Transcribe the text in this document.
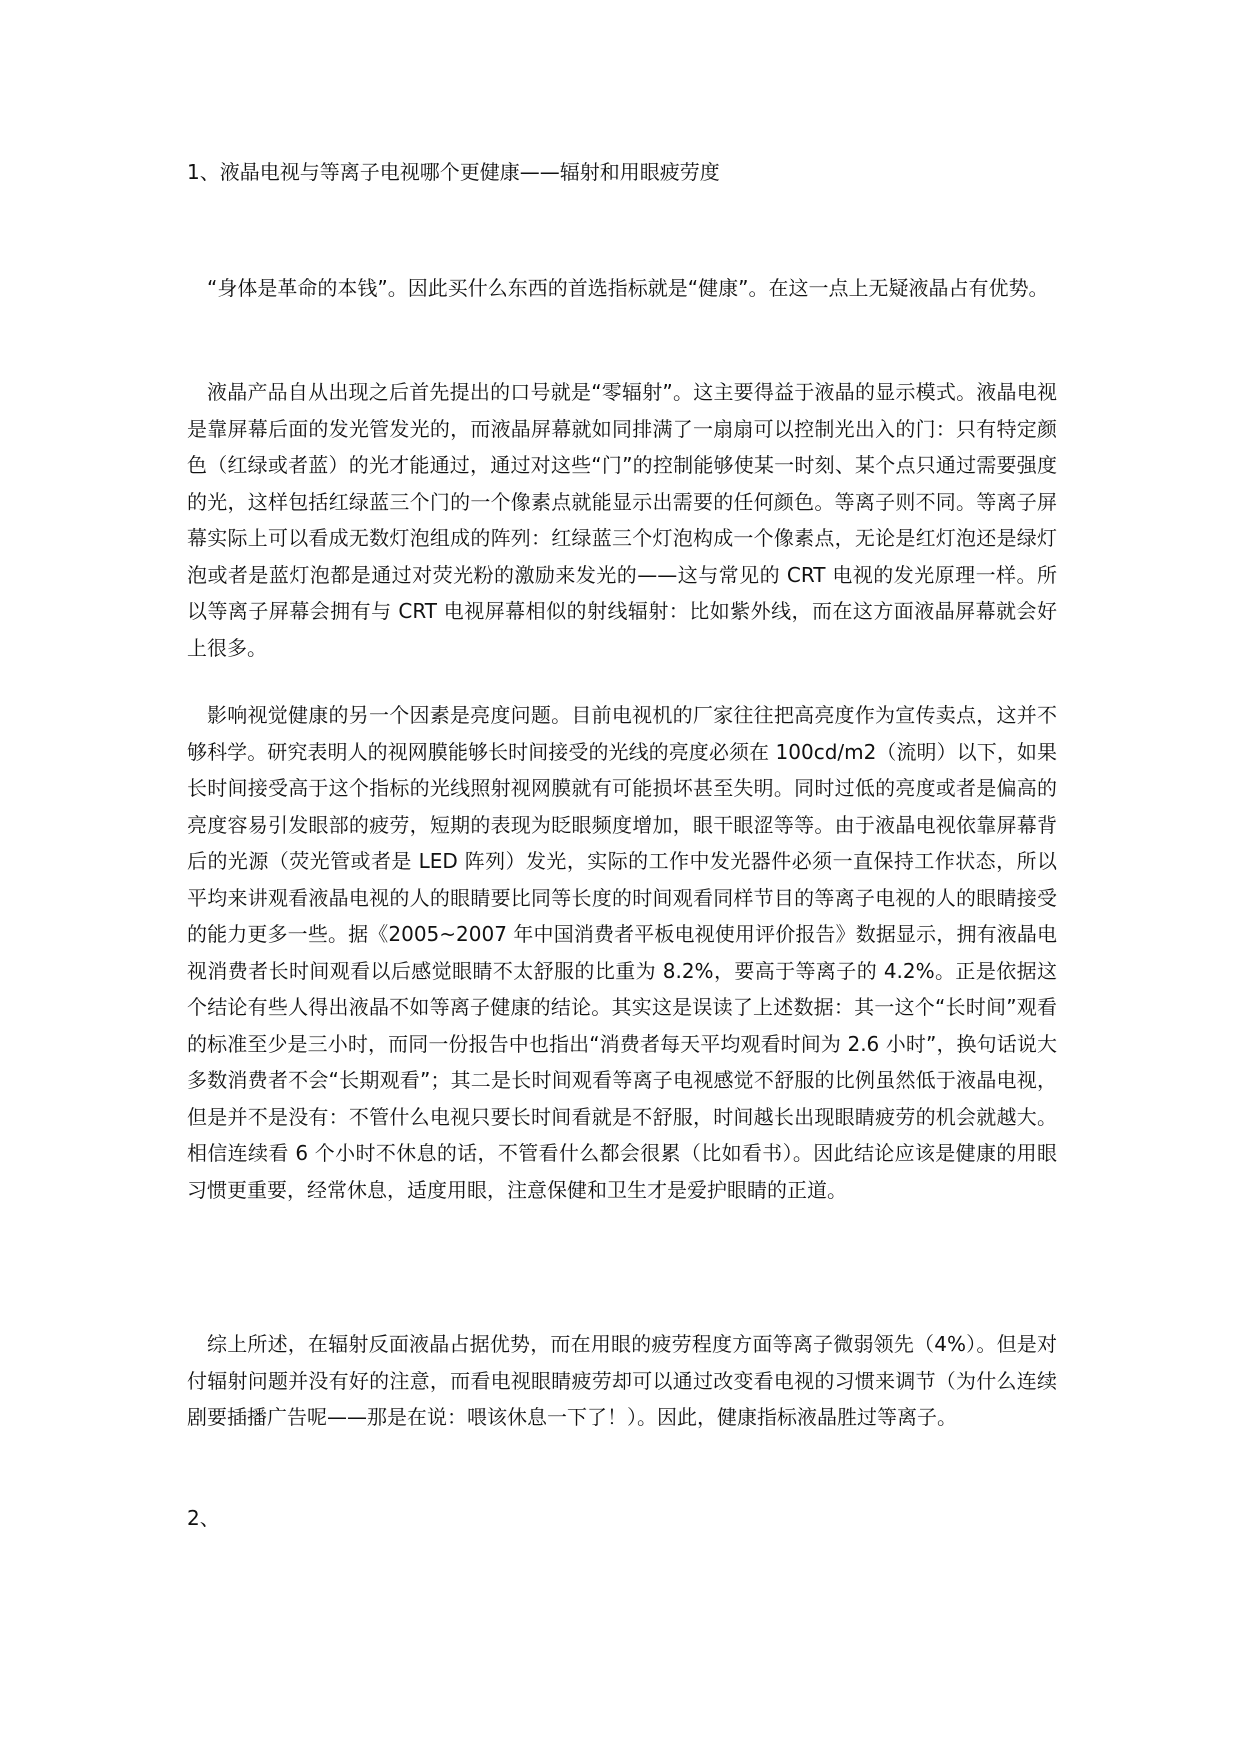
1、液晶电视与等离子电视哪个更健康——辐射和用眼疲劳度

“身体是革命的本钱”。因此买什么东西的首选指标就是“健康”。在这一点上无疑液晶占有优势。

液晶产品自从出现之后首先提出的口号就是“零辐射”。这主要得益于液晶的显示模式。液晶电视是靠屏幕后面的发光管发光的，而液晶屏幕就如同排满了一扇扇可以控制光出入的门：只有特定颜色（红绿或者蓝）的光才能通过，通过对这些“门”的控制能够使某一时刻、某个点只通过需要强度的光，这样包括红绿蓝三个门的一个像素点就能显示出需要的任何颜色。等离子则不同。等离子屏幕实际上可以看成无数灯泡组成的阵列：红绿蓝三个灯泡构成一个像素点，无论是红灯泡还是绿灯泡或者是蓝灯泡都是通过对荧光粉的激励来发光的——这与常见的 CRT 电视的发光原理一样。所以等离子屏幕会拥有与 CRT 电视屏幕相似的射线辐射：比如紫外线，而在这方面液晶屏幕就会好上很多。

影响视觉健康的另一个因素是亮度问题。目前电视机的厂家往往把高亮度作为宣传卖点，这并不够科学。研究表明人的视网膜能够长时间接受的光线的亮度必须在 100cd/m2（流明）以下，如果长时间接受高于这个指标的光线照射视网膜就有可能损坏甚至失明。同时过低的亮度或者是偏高的亮度容易引发眼部的疲劳，短期的表现为眨眼频度增加，眼干眼涩等等。由于液晶电视依靠屏幕背后的光源（荧光管或者是 LED 阵列）发光，实际的工作中发光器件必须一直保持工作状态，所以平均来讲观看液晶电视的人的眼睛要比同等长度的时间观看同样节目的等离子电视的人的眼睛接受的能力更多一些。据《2005~2007 年中国消费者平板电视使用评价报告》数据显示，拥有液晶电视消费者长时间观看以后感觉眼睛不太舒服的比重为 8.2%，要高于等离子的 4.2%。正是依据这个结论有些人得出液晶不如等离子健康的结论。其实这是误读了上述数据：其一这个“长时间”观看的标准至少是三小时，而同一份报告中也指出“消费者每天平均观看时间为 2.6 小时”，换句话说大多数消费者不会“长期观看”；其二是长时间观看等离子电视感觉不舒服的比例虽然低于液晶电视，但是并不是没有：不管什么电视只要长时间看就是不舒服，时间越长出现眼睛疲劳的机会就越大。相信连续看 6 个小时不休息的话，不管看什么都会很累（比如看书）。因此结论应该是健康的用眼习惯更重要，经常休息，适度用眼，注意保健和卫生才是爱护眼睛的正道。

综上所述，在辐射反面液晶占据优势，而在用眼的疲劳程度方面等离子微弱领先（4%）。但是对付辐射问题并没有好的注意，而看电视眼睛疲劳却可以通过改变看电视的习惯来调节（为什么连续剧要插播广告呢——那是在说：喂该休息一下了！）。因此，健康指标液晶胜过等离子。

2、
